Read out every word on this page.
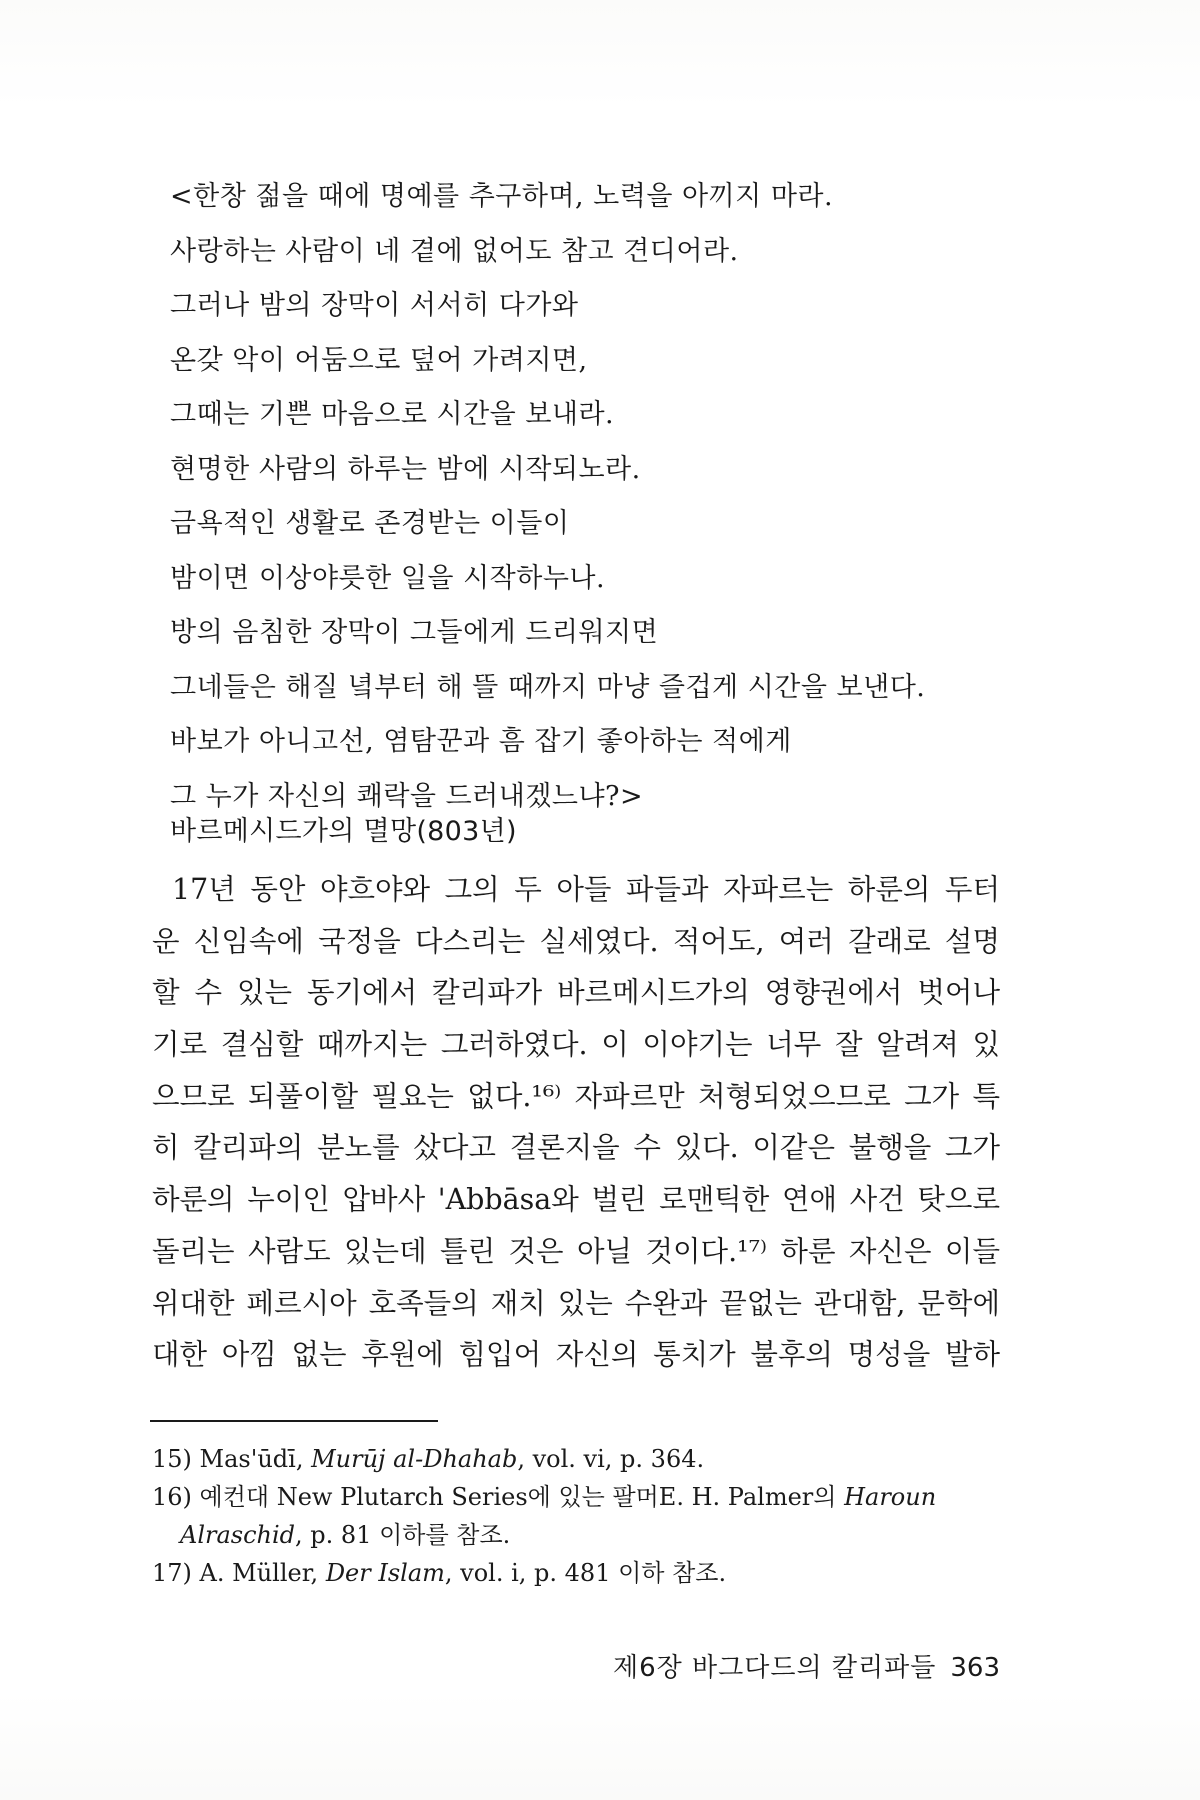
<한창 젊을 때에 명예를 추구하며, 노력을 아끼지 마라.
사랑하는 사람이 네 곁에 없어도 참고 견디어라.
그러나 밤의 장막이 서서히 다가와
온갖 악이 어둠으로 덮어 가려지면,
그때는 기쁜 마음으로 시간을 보내라.
현명한 사람의 하루는 밤에 시작되노라.
금욕적인 생활로 존경받는 이들이
밤이면 이상야릇한 일을 시작하누나.
방의 음침한 장막이 그들에게 드리워지면
그네들은 해질 녘부터 해 뜰 때까지 마냥 즐겁게 시간을 보낸다.
바보가 아니고선, 염탐꾼과 흠 잡기 좋아하는 적에게
그 누가 자신의 쾌락을 드러내겠느냐?>
바르메시드가의 멸망(803년)
17년 동안 야흐야와 그의 두 아들 파들과 자파르는 하룬의 두터
운 신임속에 국정을 다스리는 실세였다. 적어도, 여러 갈래로 설명
할 수 있는 동기에서 칼리파가 바르메시드가의 영향권에서 벗어나
기로 결심할 때까지는 그러하였다. 이 이야기는 너무 잘 알려져 있
으므로 되풀이할 필요는 없다.¹⁶⁾ 자파르만 처형되었으므로 그가 특
히 칼리파의 분노를 샀다고 결론지을 수 있다. 이같은 불행을 그가
하룬의 누이인 압바사 'Abbāsa와 벌린 로맨틱한 연애 사건 탓으로
돌리는 사람도 있는데 틀린 것은 아닐 것이다.¹⁷⁾ 하룬 자신은 이들
위대한 페르시아 호족들의 재치 있는 수완과 끝없는 관대함, 문학에
대한 아낌 없는 후원에 힘입어 자신의 통치가 불후의 명성을 발하
15) Mas'ūdī, Murūj al-Dhahab, vol. vi, p. 364.
16) 예컨대 New Plutarch Series에 있는 팔머E. H. Palmer의 Haroun
Alraschid, p. 81 이하를 참조.
17) A. Müller, Der Islam, vol. i, p. 481 이하 참조.
제6장 바그다드의 칼리파들 363
